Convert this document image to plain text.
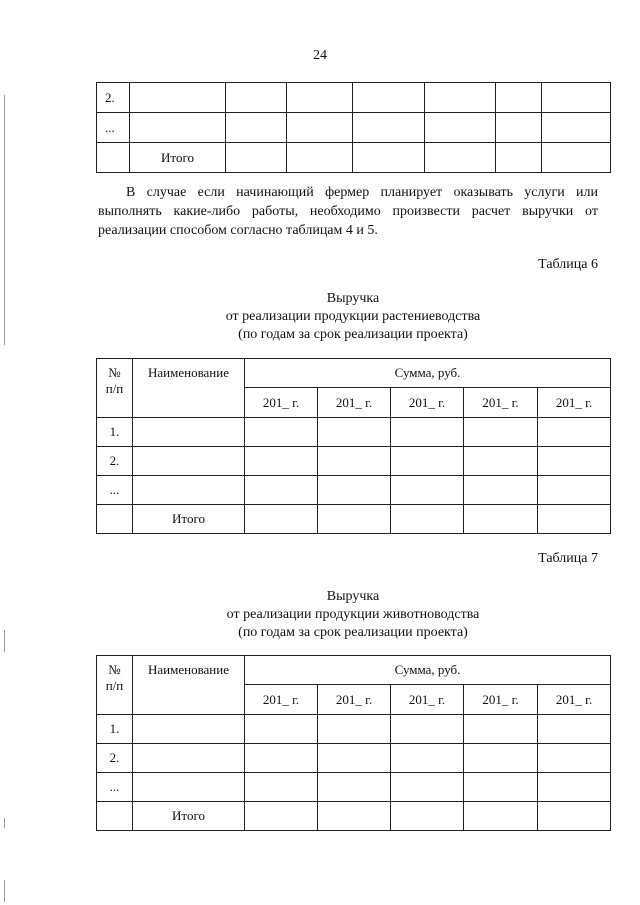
24
2.							
...							
	Итого						

В случае если начинающий фермер планирует оказывать услуги или выполнять какие-либо работы, необходимо произвести расчет выручки от реализации способом согласно таблицам 4 и 5.

Таблица 6
Выручка
от реализации продукции растениеводства
(по годам за срок реализации проекта)
№
п/п	Наименование	Сумма, руб.				
		201_ г.	201_ г.	201_ г.	201_ г.	201_ г.
1.						
2.						
...						
	Итого					
Таблица 7
Выручка
от реализации продукции животноводства
(по годам за срок реализации проекта)
№
п/п	Наименование	Сумма, руб.				
		201_ г.	201_ г.	201_ г.	201_ г.	201_ г.
1.						
2.						
...						
	Итого					
